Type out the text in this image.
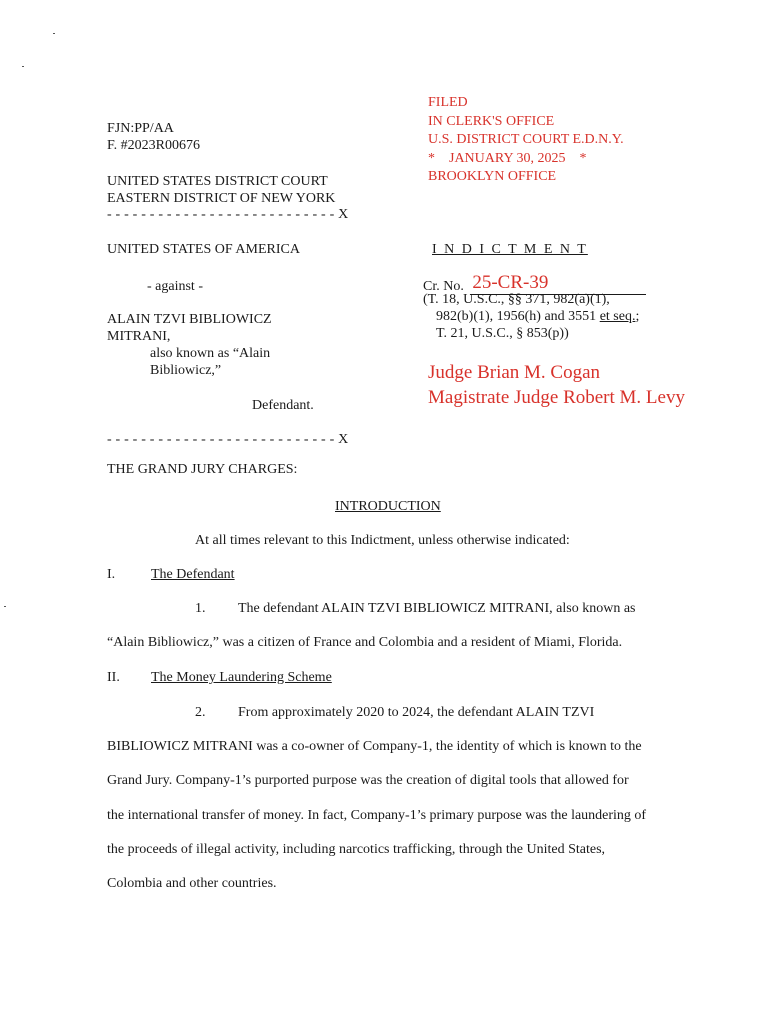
FJN:PP/AA
F. #2023R00676
FILED
IN CLERK'S OFFICE
U.S. DISTRICT COURT E.D.N.Y.
*    JANUARY 30, 2025    *
BROOKLYN OFFICE
UNITED STATES DISTRICT COURT
EASTERN DISTRICT OF NEW YORK
- - - - - - - - - - - - - - - - - - - - - - - - - - - X
UNITED STATES OF AMERICA
- against -
ALAIN TZVI BIBLIOWICZ
MITRANI,
also known as “Alain
Bibliowicz,”
Defendant.
- - - - - - - - - - - - - - - - - - - - - - - - - - - X
I N D I C T M E N T
Cr. No. 25-CR-39
(T. 18, U.S.C., §§ 371, 982(a)(1),
982(b)(1), 1956(h) and 3551 et seq.;
T. 21, U.S.C., § 853(p))
Judge Brian M. Cogan
Magistrate Judge Robert M. Levy
THE GRAND JURY CHARGES:
INTRODUCTION
At all times relevant to this Indictment, unless otherwise indicated:
I.	The Defendant
1. The defendant ALAIN TZVI BIBLIOWICZ MITRANI, also known as
“Alain Bibliowicz,” was a citizen of France and Colombia and a resident of Miami, Florida.
II. The Money Laundering Scheme
2. From approximately 2020 to 2024, the defendant ALAIN TZVI
BIBLIOWICZ MITRANI was a co-owner of Company-1, the identity of which is known to the
Grand Jury. Company-1’s purported purpose was the creation of digital tools that allowed for
the international transfer of money. In fact, Company-1’s primary purpose was the laundering of
the proceeds of illegal activity, including narcotics trafficking, through the United States,
Colombia and other countries.
